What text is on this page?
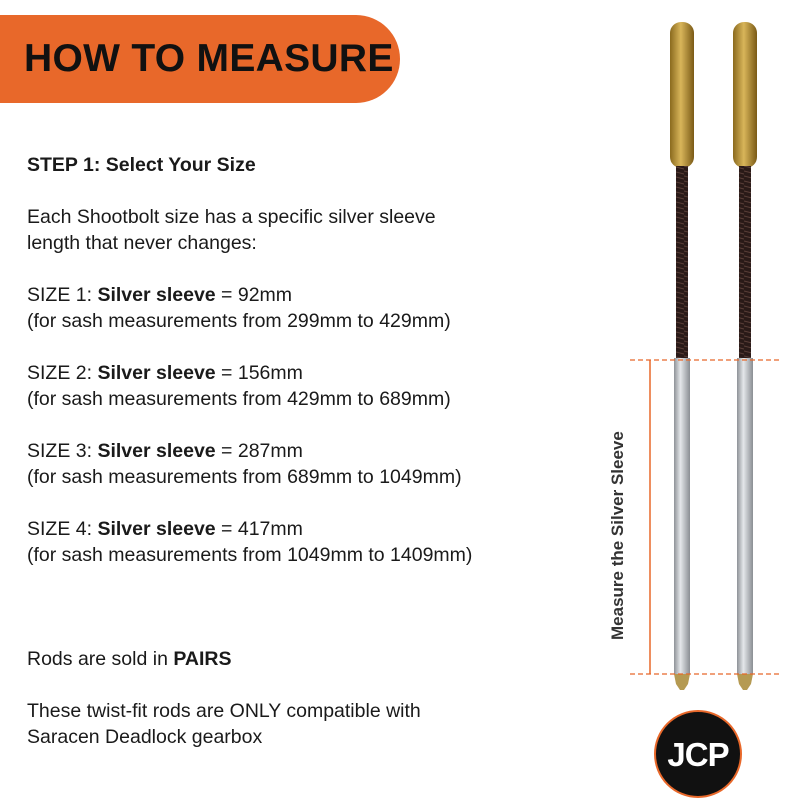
HOW TO MEASURE

STEP 1: Select Your Size

Each Shootbolt size has a specific silver sleeve

length that never changes:

SIZE 1: Silver sleeve = 92mm

(for sash measurements from 299mm to 429mm)

SIZE 2: Silver sleeve = 156mm

(for sash measurements from 429mm to 689mm)

SIZE 3: Silver sleeve = 287mm

(for sash measurements from 689mm to 1049mm)

SIZE 4: Silver sleeve = 417mm

(for sash measurements from 1049mm to 1409mm)

Rods are sold in PAIRS

These twist-fit rods are ONLY compatible with

Saracen Deadlock gearbox

Measure the Silver Sleeve
JCP
